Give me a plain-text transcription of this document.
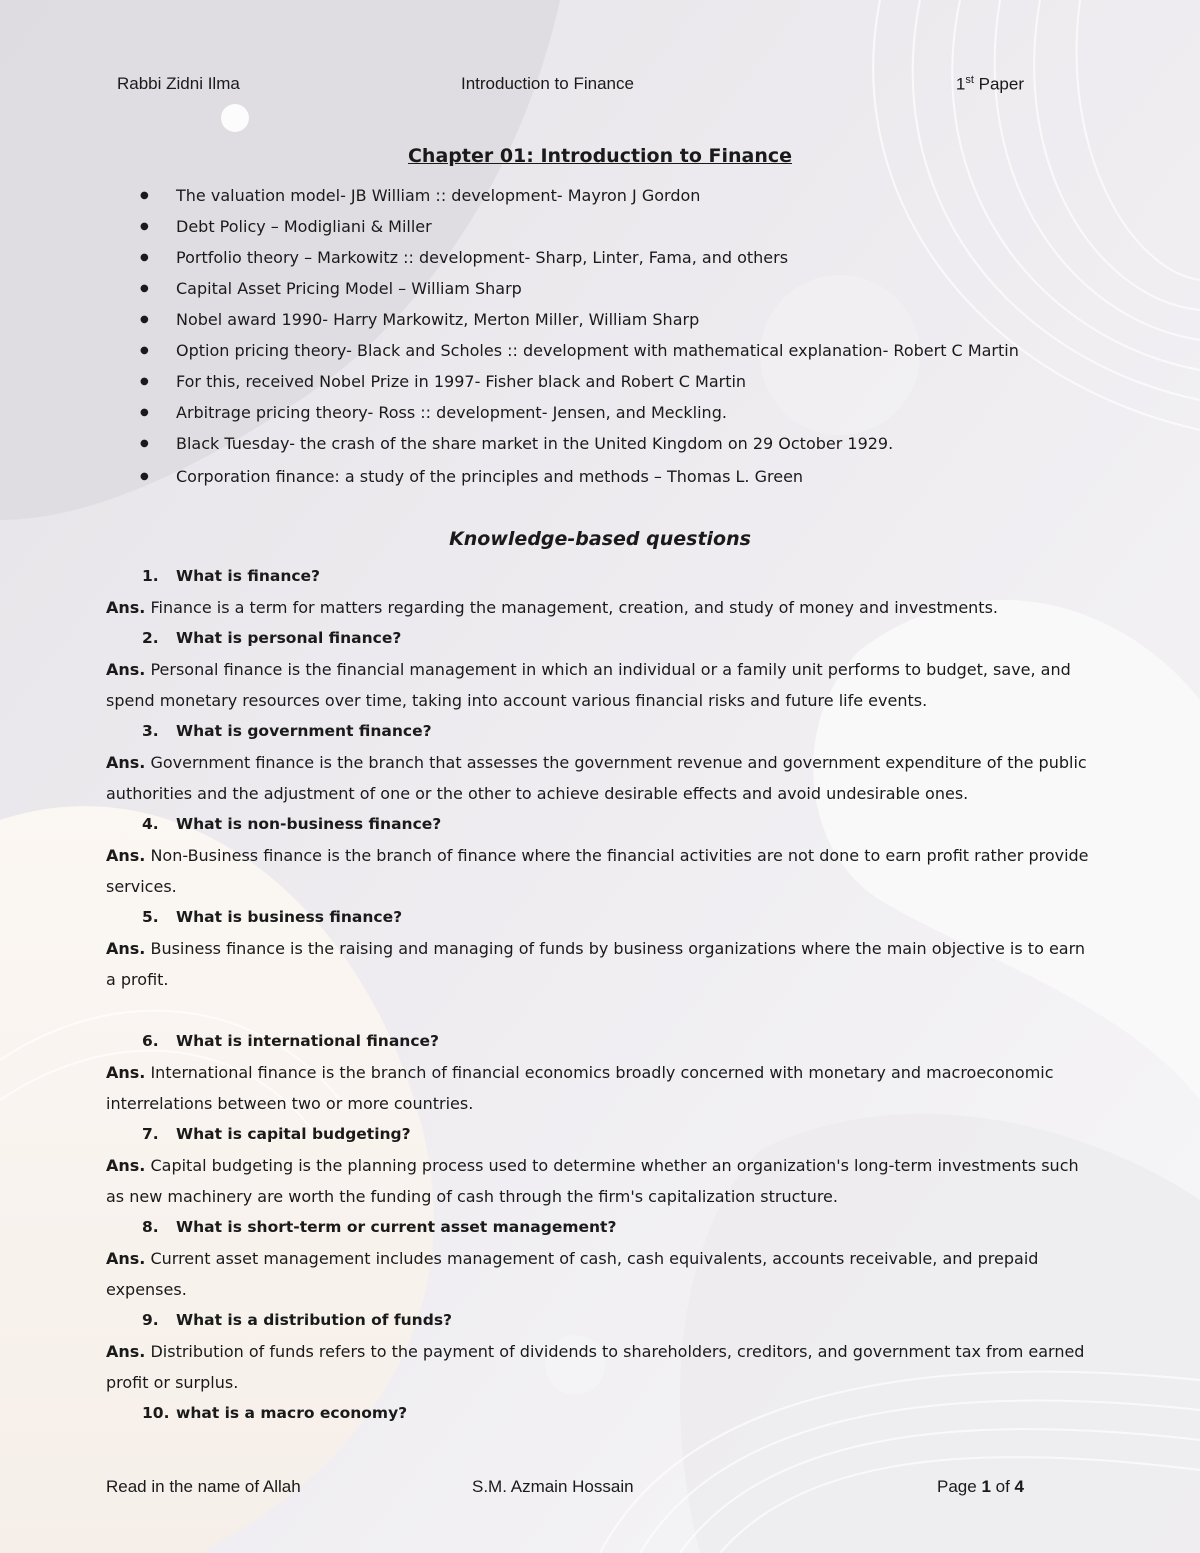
Rabbi Zidni Ilma	Introduction to Finance	1st Paper
Chapter 01: Introduction to Finance
● The valuation model- JB William :: development- Mayron J Gordon
● Debt Policy – Modigliani & Miller
● Portfolio theory – Markowitz :: development- Sharp, Linter, Fama, and others
● Capital Asset Pricing Model – William Sharp
● Nobel award 1990- Harry Markowitz, Merton Miller, William Sharp
● Option pricing theory- Black and Scholes :: development with mathematical explanation- Robert C Martin
● For this, received Nobel Prize in 1997- Fisher black and Robert C Martin
● Arbitrage pricing theory- Ross :: development- Jensen, and Meckling.
● Black Tuesday- the crash of the share market in the United Kingdom on 29 October 1929.
● Corporation finance: a study of the principles and methods – Thomas L. Green
Knowledge-based questions
1.	What is finance?
Ans. Finance is a term for matters regarding the management, creation, and study of money and investments.
2.	What is personal finance?
Ans. Personal finance is the financial management in which an individual or a family unit performs to budget, save, and spend monetary resources over time, taking into account various financial risks and future life events.
3.	What is government finance?
Ans. Government finance is the branch that assesses the government revenue and government expenditure of the public authorities and the adjustment of one or the other to achieve desirable effects and avoid undesirable ones.
4.	What is non-business finance?
Ans. Non-Business finance is the branch of finance where the financial activities are not done to earn profit rather provide services.
5.	What is business finance?
Ans. Business finance is the raising and managing of funds by business organizations where the main objective is to earn a profit.
6.	What is international finance?
Ans. International finance is the branch of financial economics broadly concerned with monetary and macroeconomic interrelations between two or more countries.
7.	What is capital budgeting?
Ans. Capital budgeting is the planning process used to determine whether an organization's long-term investments such as new machinery are worth the funding of cash through the firm's capitalization structure.
8.	What is short-term or current asset management?
Ans. Current asset management includes management of cash, cash equivalents, accounts receivable, and prepaid expenses.
9.	What is a distribution of funds?
Ans. Distribution of funds refers to the payment of dividends to shareholders, creditors, and government tax from earned profit or surplus.
10. what is a macro economy?
Read in the name of Allah	S.M. Azmain Hossain	Page 1 of 4
